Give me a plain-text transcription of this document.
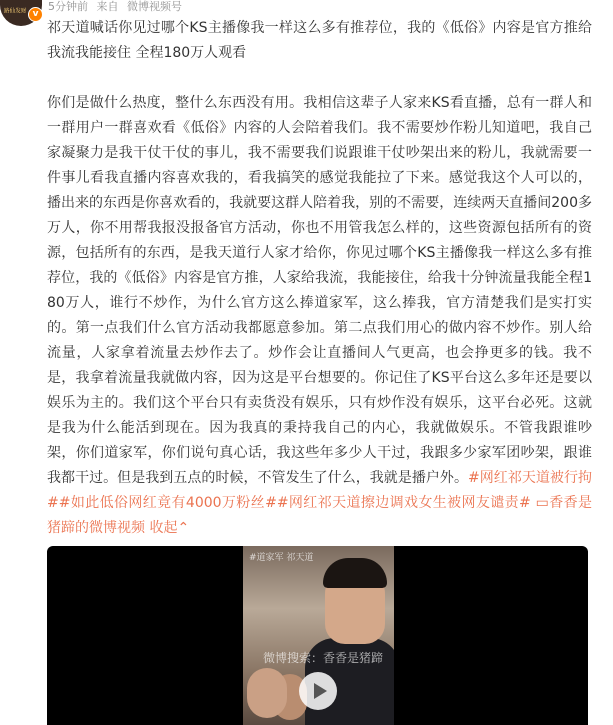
路仙发财 v
5分钟前 来自 微博视频号

祁天道喊话你见过哪个KS主播像我一样这么多有推荐位，我的《低俗》内容是官方推给我流我能接住 全程180万人观看

你们是做什么热度，整什么东西没有用。我相信这辈子人家来KS看直播，总有一群人和一群用户一群喜欢看《低俗》内容的人会陪着我们。我不需要炒作粉儿知道吧，我自己家凝聚力是我干仗干仗的事儿，我不需要我们说跟谁干仗吵架出来的粉儿，我就需要一件事儿看我直播内容喜欢我的，看我搞笑的感觉我能拉了下来。感觉我这个人可以的，播出来的东西是你喜欢看的，我就要这群人陪着我，别的不需要，连续两天直播间200多万人，你不用帮我报没报备官方活动，你也不用管我怎么样的，这些资源包括所有的资源，包括所有的东西，是我天道行人家才给你，你见过哪个KS主播像我一样这么多有推荐位，我的《低俗》内容是官方推，人家给我流，我能接住，给我十分钟流量我能全程180万人，谁行不炒作，为什么官方这么捧道家军，这么捧我，官方清楚我们是实打实的。第一点我们什么官方活动我都愿意参加。第二点我们用心的做内容不炒作。别人给流量，人家拿着流量去炒作去了。炒作会让直播间人气更高，也会挣更多的钱。我不是，我拿着流量我就做内容，因为这是平台想要的。你记住了KS平台这么多年还是要以娱乐为主的。我们这个平台只有卖货没有娱乐，只有炒作没有娱乐，这平台必死。这就是我为什么能活到现在。因为我真的秉持我自己的内心，我就做娱乐。不管我跟谁吵架，你们道家军，你们说句真心话，我这些年多少人干过，我跟多少家军团吵架，跟谁我都干过。但是我到五点的时候，不管发生了什么，我就是播户外。#网红祁天道被行拘##如此低俗网红竟有4000万粉丝##网红祁天道擦边调戏女生被网友谴责# ▭香香是猪蹄的微博视频 收起⌃

#道家军 祁天道
微博搜索：香香是猪蹄
